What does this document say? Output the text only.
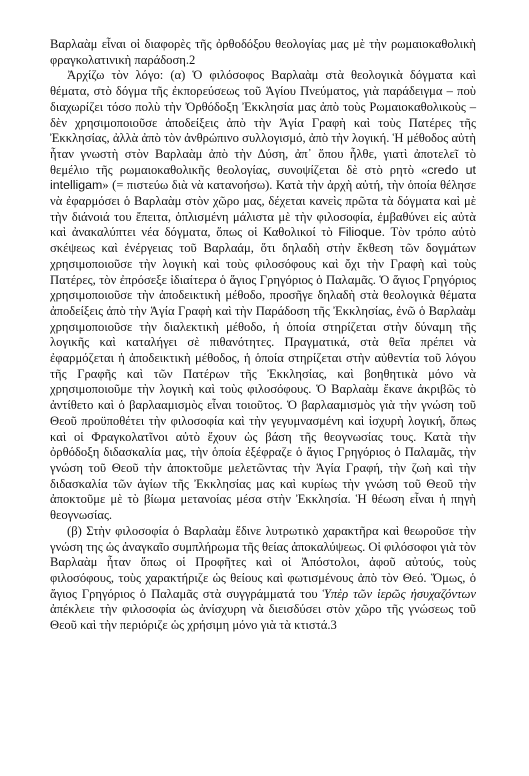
Βαρλαὰμ εἶναι οἱ διαφορὲς τῆς ὀρθοδόξου θεολογίας μας μὲ τὴν ρωμαιοκαθολικὴ φραγκολατινικὴ παράδοση.2

Ἀρχίζω τὸν λόγο: (α) Ὁ φιλόσοφος Βαρλαὰμ στὰ θεολογικὰ δόγματα καὶ θέματα, στὸ δόγμα τῆς ἐκπορεύσεως τοῦ Ἁγίου Πνεύματος, γιὰ παράδειγμα – ποὺ διαχωρίζει τόσο πολὺ τὴν Ὀρθόδοξη Ἐκκλησία μας ἀπὸ τοὺς Ρωμαιοκαθολικοὺς – δὲν χρησιμοποιοῦσε ἀποδείξεις ἀπὸ τὴν Ἁγία Γραφὴ καὶ τοὺς Πατέρες τῆς Ἐκκλησίας, ἀλλὰ ἀπὸ τὸν ἀνθρώπινο συλλογισμό, ἀπὸ τὴν λογική. Ἡ μέθοδος αὐτὴ ἦταν γνωστὴ στὸν Βαρλαὰμ ἀπὸ τὴν Δύση, ἀπ᾽ ὅπου ἦλθε, γιατὶ ἀποτελεῖ τὸ θεμέλιο τῆς ρωμαιοκαθολικῆς θεολογίας, συνοψίζεται δὲ στὸ ρητὸ «credo ut intelligam» (= πιστεύω διὰ νὰ κατανοήσω). Κατὰ τὴν ἀρχὴ αὐτή, τὴν ὁποία θέλησε νὰ ἐφαρμόσει ὁ Βαρλαὰμ στὸν χῶρο μας, δέχεται κανεὶς πρῶτα τὰ δόγματα καὶ μὲ τὴν διάνοιά του ἔπειτα, ὁπλισμένη μάλιστα μὲ τὴν φιλοσοφία, ἐμβαθύνει εἰς αὐτὰ καὶ ἀνακαλύπτει νέα δόγματα, ὅπως οἱ Καθολικοί τὸ Filioque. Τὸν τρόπο αὐτὸ σκέψεως καὶ ἐνέργειας τοῦ Βαρλαάμ, ὅτι δηλαδὴ στὴν ἔκθεση τῶν δογμάτων χρησιμοποιοῦσε τὴν λογικὴ καὶ τοὺς φιλοσόφους καὶ ὄχι τὴν Γραφὴ καὶ τοὺς Πατέρες, τὸν ἐπρόσεξε ἰδιαίτερα ὁ ἅγιος Γρηγόριος ὁ Παλαμᾶς. Ὁ ἅγιος Γρηγόριος χρησιμοποιοῦσε τὴν ἀποδεικτικὴ μέθοδο, προσῆγε δηλαδὴ στὰ θεολογικὰ θέματα ἀποδείξεις ἀπὸ τὴν Ἁγία Γραφὴ καὶ τὴν Παράδοση τῆς Ἐκκλησίας, ἐνῶ ὁ Βαρλαὰμ χρησιμοποιοῦσε τὴν διαλεκτικὴ μέθοδο, ἡ ὁποία στηρίζεται στὴν δύναμη τῆς λογικῆς καὶ καταλήγει σὲ πιθανότητες. Πραγματικά, στὰ θεῖα πρέπει νὰ ἐφαρμόζεται ἡ ἀποδεικτικὴ μέθοδος, ἡ ὁποία στηρίζεται στὴν αὐθεντία τοῦ λόγου τῆς Γραφῆς καὶ τῶν Πατέρων τῆς Ἐκκλησίας, καὶ βοηθητικὰ μόνο νὰ χρησιμοποιοῦμε τὴν λογικὴ καὶ τοὺς φιλοσόφους. Ὁ Βαρλαὰμ ἔκανε ἀκριβῶς τὸ ἀντίθετο καὶ ὁ βαρλααμισμὸς εἶναι τοιοῦτος. Ὁ βαρλααμισμὸς γιὰ τὴν γνώση τοῦ Θεοῦ προϋποθέτει τὴν φιλοσοφία καὶ τὴν γεγυμνασμένη καὶ ἰσχυρὴ λογική, ὅπως καὶ οἱ Φραγκολατῖνοι αὐτὸ ἔχουν ὡς βάση τῆς θεογνωσίας τους. Κατὰ τὴν ὀρθόδοξη διδασκαλία μας, τὴν ὁποία ἐξέφραζε ὁ ἅγιος Γρηγόριος ὁ Παλαμᾶς, τὴν γνώση τοῦ Θεοῦ τὴν ἀποκτοῦμε μελετῶντας τὴν Ἁγία Γραφή, τὴν ζωὴ καὶ τὴν διδασκαλία τῶν ἁγίων τῆς Ἐκκλησίας μας καὶ κυρίως τὴν γνώση τοῦ Θεοῦ τὴν ἀποκτοῦμε μὲ τὸ βίωμα μετανοίας μέσα στὴν Ἐκκλησία. Ἡ θέωση εἶναι ἡ πηγὴ θεογνωσίας.

(β) Στὴν φιλοσοφία ὁ Βαρλαὰμ ἔδινε λυτρωτικὸ χαρακτῆρα καὶ θεωροῦσε τὴν γνώση της ὡς ἀναγκαῖο συμπλήρωμα τῆς θείας ἀποκαλύψεως. Οἱ φιλόσοφοι γιὰ τὸν Βαρλαὰμ ἦταν ὅπως οἱ Προφῆτες καὶ οἱ Ἀπόστολοι, ἀφοῦ αὐτούς, τοὺς φιλοσόφους, τοὺς χαρακτήριζε ὡς θείους καὶ φωτισμένους ἀπὸ τὸν Θεό. Ὅμως, ὁ ἅγιος Γρηγόριος ὁ Παλαμᾶς στὰ συγγράμματά του Ὑπὲρ τῶν ἱερῶς ἡσυχαζόντων ἀπέκλειε τὴν φιλοσοφία ὡς ἀνίσχυρη νὰ διεισδύσει στὸν χῶρο τῆς γνώσεως τοῦ Θεοῦ καὶ τὴν περιόριζε ὡς χρήσιμη μόνο γιὰ τὰ κτιστά.3
